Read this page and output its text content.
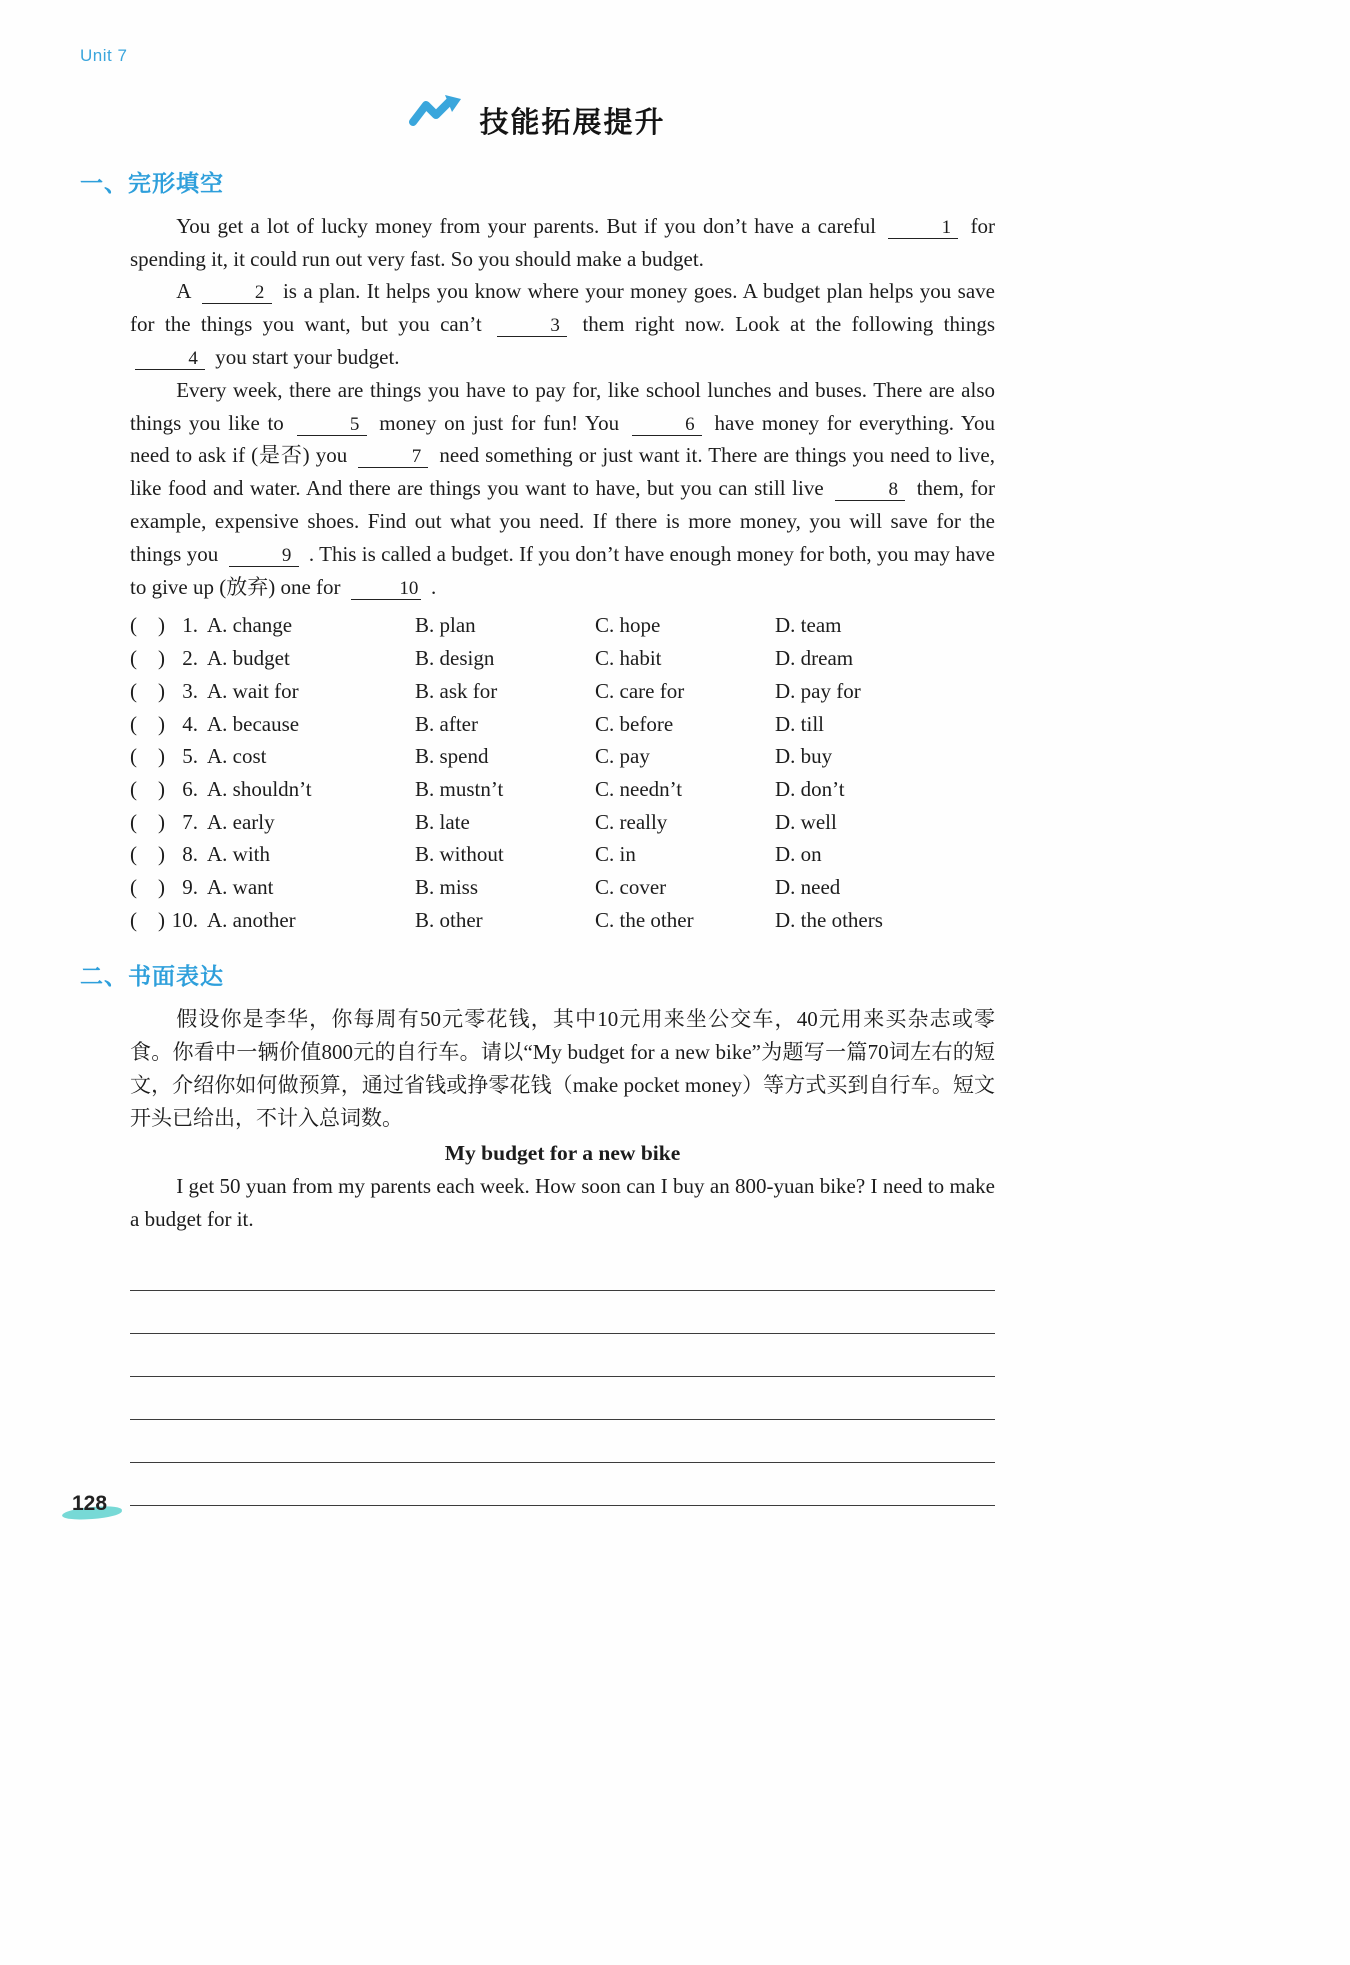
Unit 7
技能拓展提升
一、完形填空

You get a lot of lucky money from your parents. But if you don’t have a careful	1 for spending it, it could run out very fast. So you should make a budget.

A	2 is a plan. It helps you know where your money goes. A budget plan helps you save for the things you want, but you can’t	3 them right now. Look at the following things 4 you start your budget.

Every week, there are things you have to pay for, like school lunches and buses. There are also things you like to	5 money on just for fun! You	6 have money for everything. You need to ask if (是否) you	7 need something or just want it. There are things you need to live, like food and water. And there are things you want to have, but you can still live	8 them, for example, expensive shoes. Find out what you need. If there is more money, you will save for the things you	9 . This is called a budget. If you don’t have enough money for both, you may have to give up (放弃) one for	10 .

(    ) 1. A. change	B. plan	C. hope	D. team
(    ) 2. A. budget	B. design	C. habit	D. dream
(    ) 3. A. wait for	B. ask for	C. care for	D. pay for
(    ) 4. A. because	B. after	C. before	D. till
(    ) 5. A. cost	B. spend	C. pay	D. buy
(    ) 6. A. shouldn’t	B. mustn’t	C. needn’t	D. don’t
(    ) 7. A. early	B. late	C. really	D. well
(    ) 8. A. with	B. without	C. in	D. on
(    ) 9. A. want	B. miss	C. cover	D. need
(    ) 10. A. another	B. other	C. the other	D. the others
二、书面表达

假设你是李华，你每周有50元零花钱，其中10元用来坐公交车，40元用来买杂志或零食。你看中一辆价值800元的自行车。请以“My budget for a new bike”为题写一篇70词左右的短文，介绍你如何做预算，通过省钱或挣零花钱（make pocket money）等方式买到自行车。短文开头已给出，不计入总词数。

My budget for a new bike

I get 50 yuan from my parents each week. How soon can I buy an 800-yuan bike? I need to make a budget for it.

128
